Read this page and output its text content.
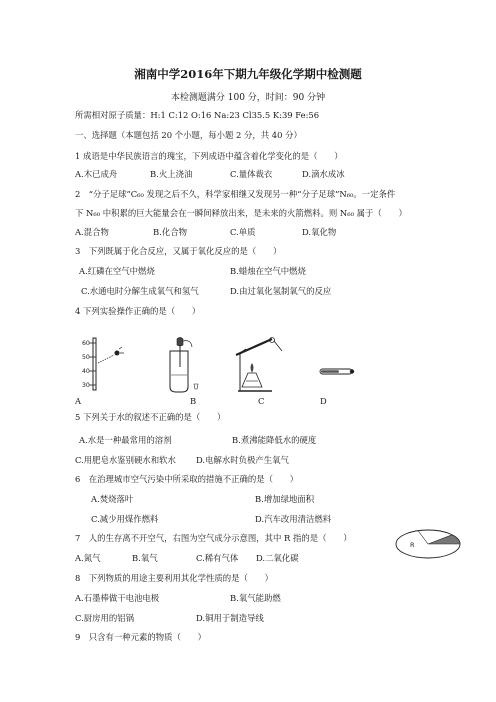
湘南中学2016年下期九年级化学期中检测题
本检测题满分 100 分，时间：90 分钟
所需相对原子质量：H:1 C:12 O:16 Na:23 Cl35.5 K:39 Fe:56
一、选择题（本题包括 20 个小题，每小题 2 分，共 40 分）
1 成语是中华民族语言的瑰宝，下列成语中蕴含着化学变化的是（　　）
A.木已成舟	B.火上浇油	C.量体裁衣	D.滴水成冰
2　“分子足球”C₆₀ 发现之后不久，科学家相继又发现另一种“分子足球”N₆₀。一定条件
下 N₆₀ 中积累的巨大能量会在一瞬间释放出来，是未来的火箭燃料。则 N₆₀ 属于（　　）
A.混合物	B.化合物	C.单质	D.氧化物
3　下列既属于化合反应，又属于氧化反应的是（　　）
A.红磷在空气中燃烧	B.蜡烛在空气中燃烧
C.水通电时分解生成氧气和氢气	D.由过氧化氢制氧气的反应
4 下列实验操作正确的是（　　）
60
50
40
30
A	B	C	D
5 下列关于水的叙述不正确的是（　　）
A.水是一种最常用的溶剂	B.煮沸能降低水的硬度
C.用肥皂水鉴别硬水和软水 D.电解水时负极产生氧气
6　在治理城市空气污染中所采取的措施不正确的是（　　）
A.焚烧落叶	B.增加绿地面积
C.减少用煤作燃料	D.汽车改用清洁燃料
7　人的生存离不开空气，右图为空气成分示意图，其中 R 指的是（　　）
A.氮气	B.氧气	C.稀有气体 D.二氧化碳
R
8　下列物质的用途主要利用其化学性质的是（　　）
A.石墨棒做干电池电极	B.氧气能助燃
C.厨房用的铝锅	D.铜用于制造导线
9　只含有一种元素的物质（　　）
